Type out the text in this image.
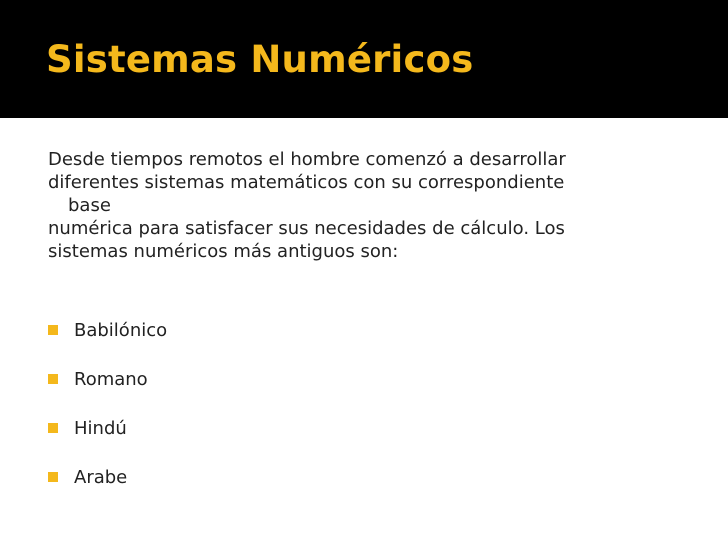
Sistemas Numéricos
Desde tiempos remotos el hombre comenzó a desarrollar
diferentes sistemas matemáticos con su correspondiente
base
numérica para satisfacer sus necesidades de cálculo. Los
sistemas numéricos más antiguos son:
Babilónico
Romano
Hindú
Arabe
